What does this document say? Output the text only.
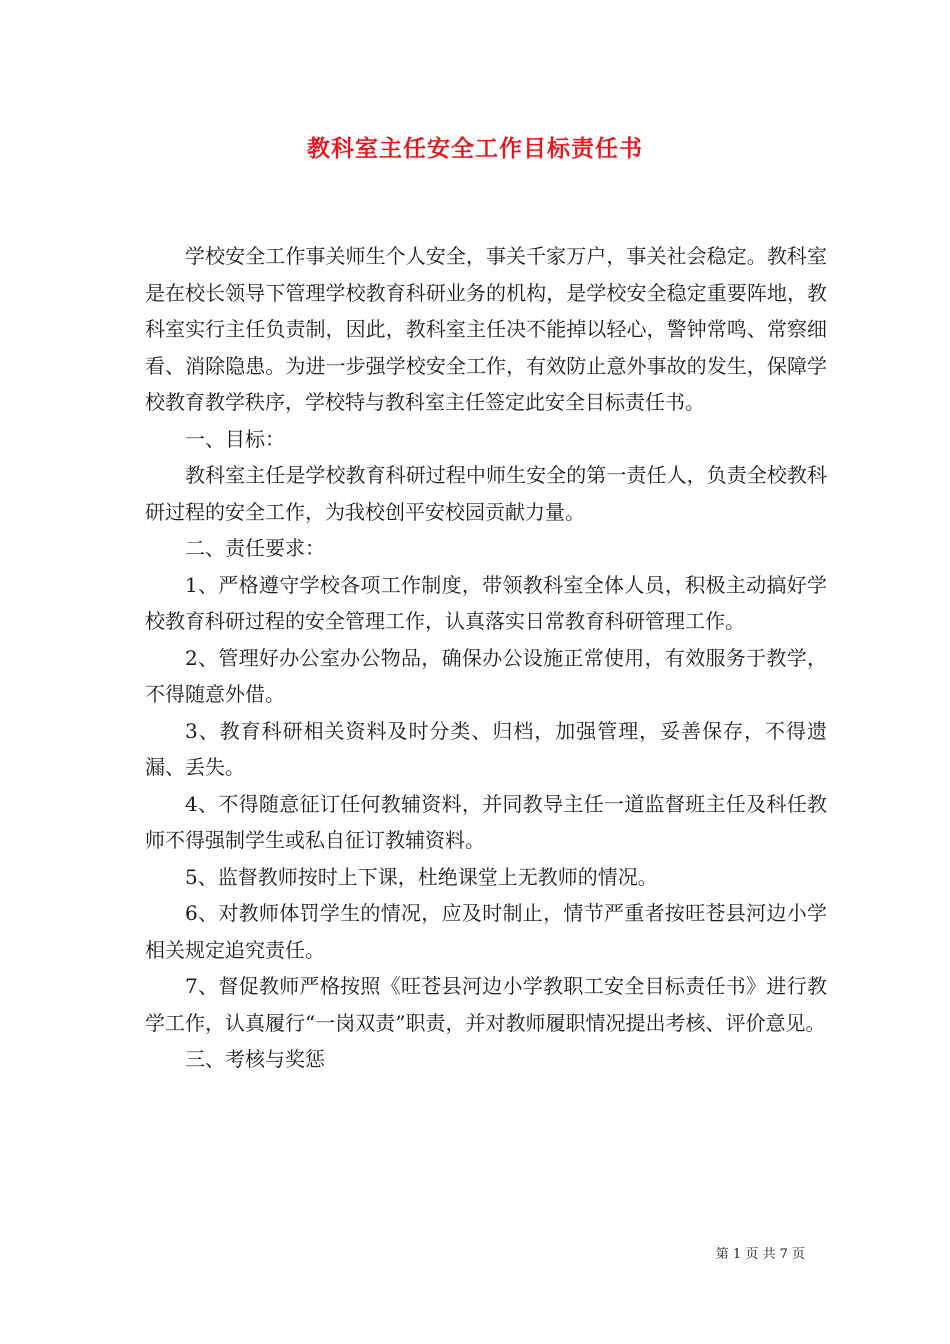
教科室主任安全工作目标责任书

学校安全工作事关师生个人安全，事关千家万户，事关社会稳定。教科室是在校长领导下管理学校教育科研业务的机构，是学校安全稳定重要阵地，教科室实行主任负责制，因此，教科室主任决不能掉以轻心，警钟常鸣、常察细看、消除隐患。为进一步强学校安全工作，有效防止意外事故的发生，保障学校教育教学秩序，学校特与教科室主任签定此安全目标责任书。

一、目标：

教科室主任是学校教育科研过程中师生安全的第一责任人，负责全校教科研过程的安全工作，为我校创平安校园贡献力量。

二、责任要求：

1、严格遵守学校各项工作制度，带领教科室全体人员，积极主动搞好学校教育科研过程的安全管理工作，认真落实日常教育科研管理工作。

2、管理好办公室办公物品，确保办公设施正常使用，有效服务于教学，不得随意外借。

3、教育科研相关资料及时分类、归档，加强管理，妥善保存，不得遗漏、丢失。

4、不得随意征订任何教辅资料，并同教导主任一道监督班主任及科任教师不得强制学生或私自征订教辅资料。

5、监督教师按时上下课，杜绝课堂上无教师的情况。

6、对教师体罚学生的情况，应及时制止，情节严重者按旺苍县河边小学相关规定追究责任。

7、督促教师严格按照《旺苍县河边小学教职工安全目标责任书》进行教学工作，认真履行“一岗双责”职责，并对教师履职情况提出考核、评价意见。

三、考核与奖惩

第 1 页 共 7 页
